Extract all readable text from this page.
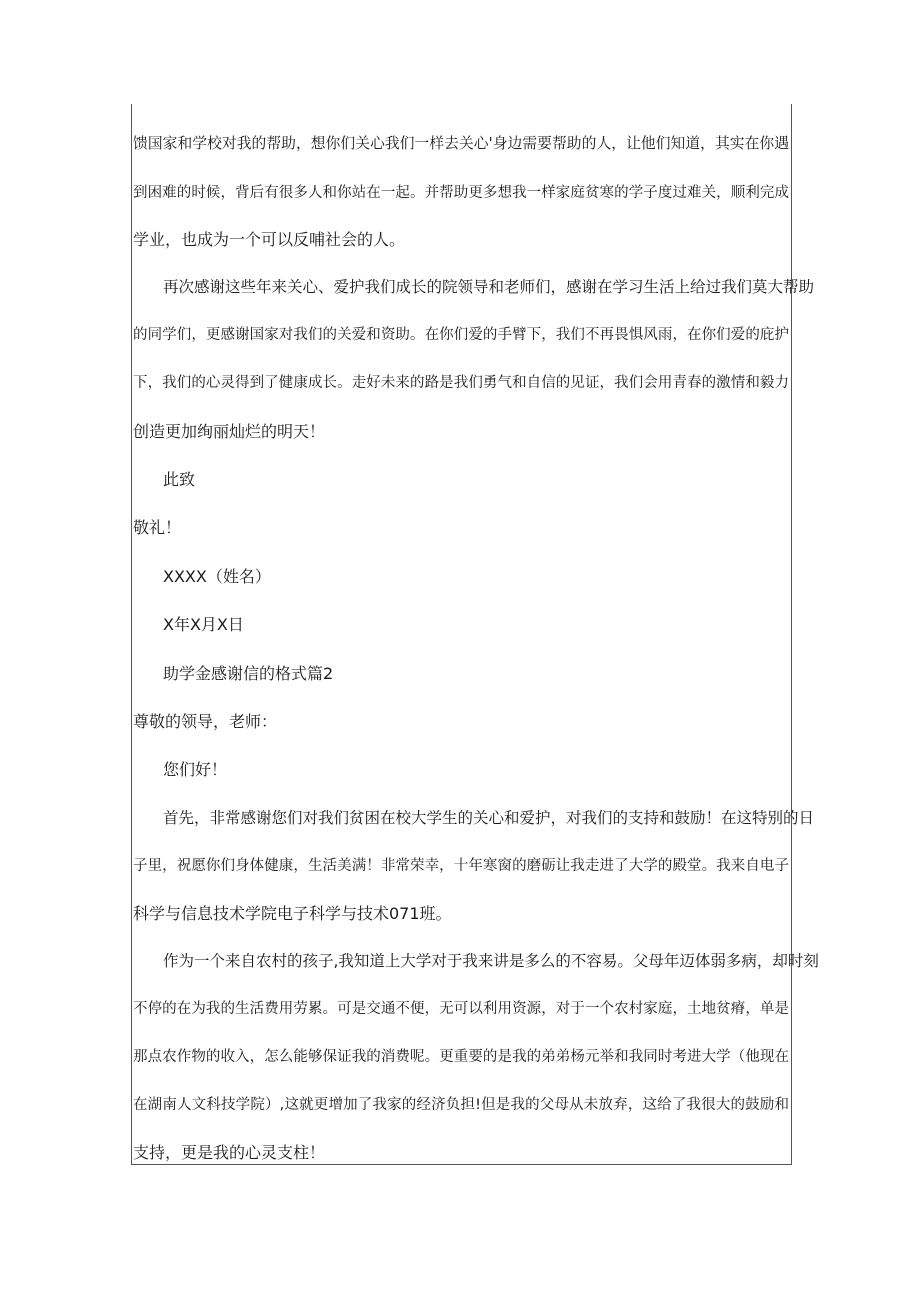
馈国家和学校对我的帮助，想你们关心我们一样去关心'身边需要帮助的人，让他们知道，其实在你遇
到困难的时候，背后有很多人和你站在一起。并帮助更多想我一样家庭贫寒的学子度过难关，顺利完成
学业，也成为一个可以反哺社会的人。
再次感谢这些年来关心、爱护我们成长的院领导和老师们，感谢在学习生活上给过我们莫大帮助
的同学们，更感谢国家对我们的关爱和资助。在你们爱的手臂下，我们不再畏惧风雨，在你们爱的庇护
下，我们的心灵得到了健康成长。走好未来的路是我们勇气和自信的见证，我们会用青春的激情和毅力
创造更加绚丽灿烂的明天！
此致
敬礼！
XXXX（姓名）
X年X月X日
助学金感谢信的格式篇2
尊敬的领导，老师：
您们好！
首先，非常感谢您们对我们贫困在校大学生的关心和爱护，对我们的支持和鼓励！在这特别的日
子里，祝愿你们身体健康，生活美满！非常荣幸，十年寒窗的磨砺让我走进了大学的殿堂。我来自电子
科学与信息技术学院电子科学与技术071班。
作为一个来自农村的孩子,我知道上大学对于我来讲是多么的不容易。父母年迈体弱多病，却时刻
不停的在为我的生活费用劳累。可是交通不便，无可以利用资源，对于一个农村家庭，土地贫瘠，单是
那点农作物的收入，怎么能够保证我的消费呢。更重要的是我的弟弟杨元举和我同时考进大学（他现在
在湖南人文科技学院）,这就更增加了我家的经济负担!但是我的父母从未放弃，这给了我很大的鼓励和
支持，更是我的心灵支柱！
